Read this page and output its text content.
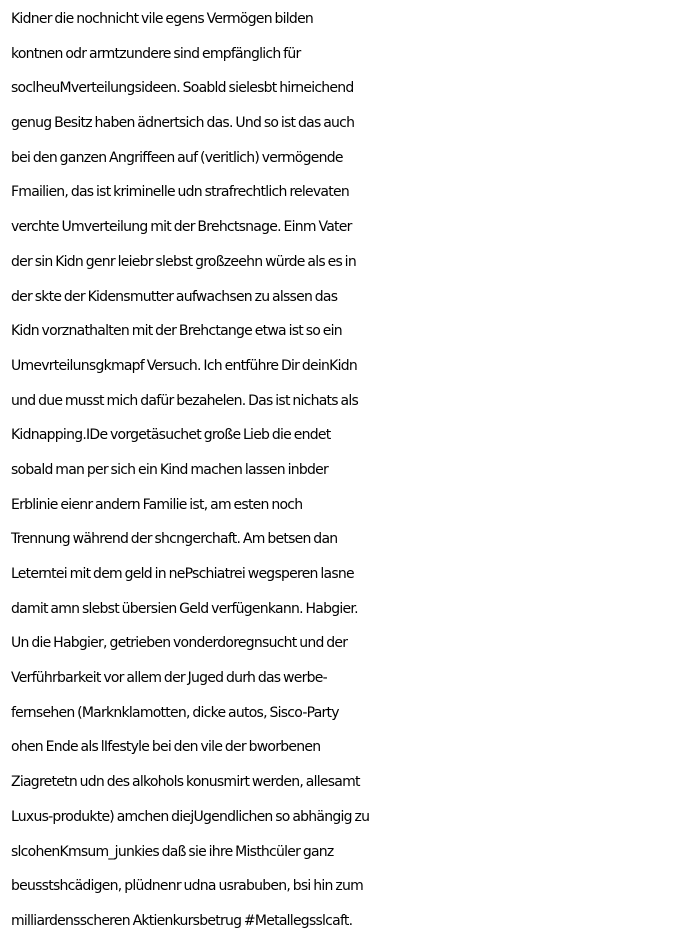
Kidner die nochnicht vile egens Vermögen bilden
kontnen odr armtzundere sind empfänglich für
soclheuMverteilungsideen. Soabld sielesbt hirneichend
genug Besitz haben ädnertsich das. Und so ist das auch
bei den ganzen Angriffeen auf (veritlich) vermögende
Fmailien, das ist kriminelle udn strafrechtlich relevaten
verchte Umverteilung mit der Brehctsnage. Einm Vater
der sin Kidn genr leiebr slebst großzeehn würde als es in
der skte der Kidensmutter aufwachsen zu alssen das
Kidn vorznathalten mit der Brehctange etwa ist so ein
Umevrteilunsgkmapf Versuch. Ich entführe Dir deinKidn
und due musst mich dafür bezahelen. Das ist nichats als
Kidnapping.IDe vorgetäsuchet große Lieb die endet
sobald man per sich ein Kind machen lassen inbder
Erblinie eienr andern Familie ist, am esten noch
Trennung während der shcngerchaft. Am betsen dan
Leterntei mit dem geld in nePschiatrei wegsperen lasne
damit amn slebst übersien Geld verfügenkann. Habgier.
Un die Habgier, getrieben vonderdoregnsucht und der
Verführbarkeit vor allem der Juged durh das werbe-
fernsehen (Marknklamotten, dicke autos, Sisco-Party
ohen Ende als lIfestyle bei den vile der bworbenen
Ziagretetn udn des alkohols konusmirt werden, allesamt
Luxus-produkte) amchen diejUgendlichen so abhängig zu
slcohenKmsum_junkies daß sie ihre Misthcüler ganz
beusstshcädigen, plüdnenr udna usrabuben, bsi hin zum
milliardensscheren Aktienkursbetrug #Metallegsslcaft.
